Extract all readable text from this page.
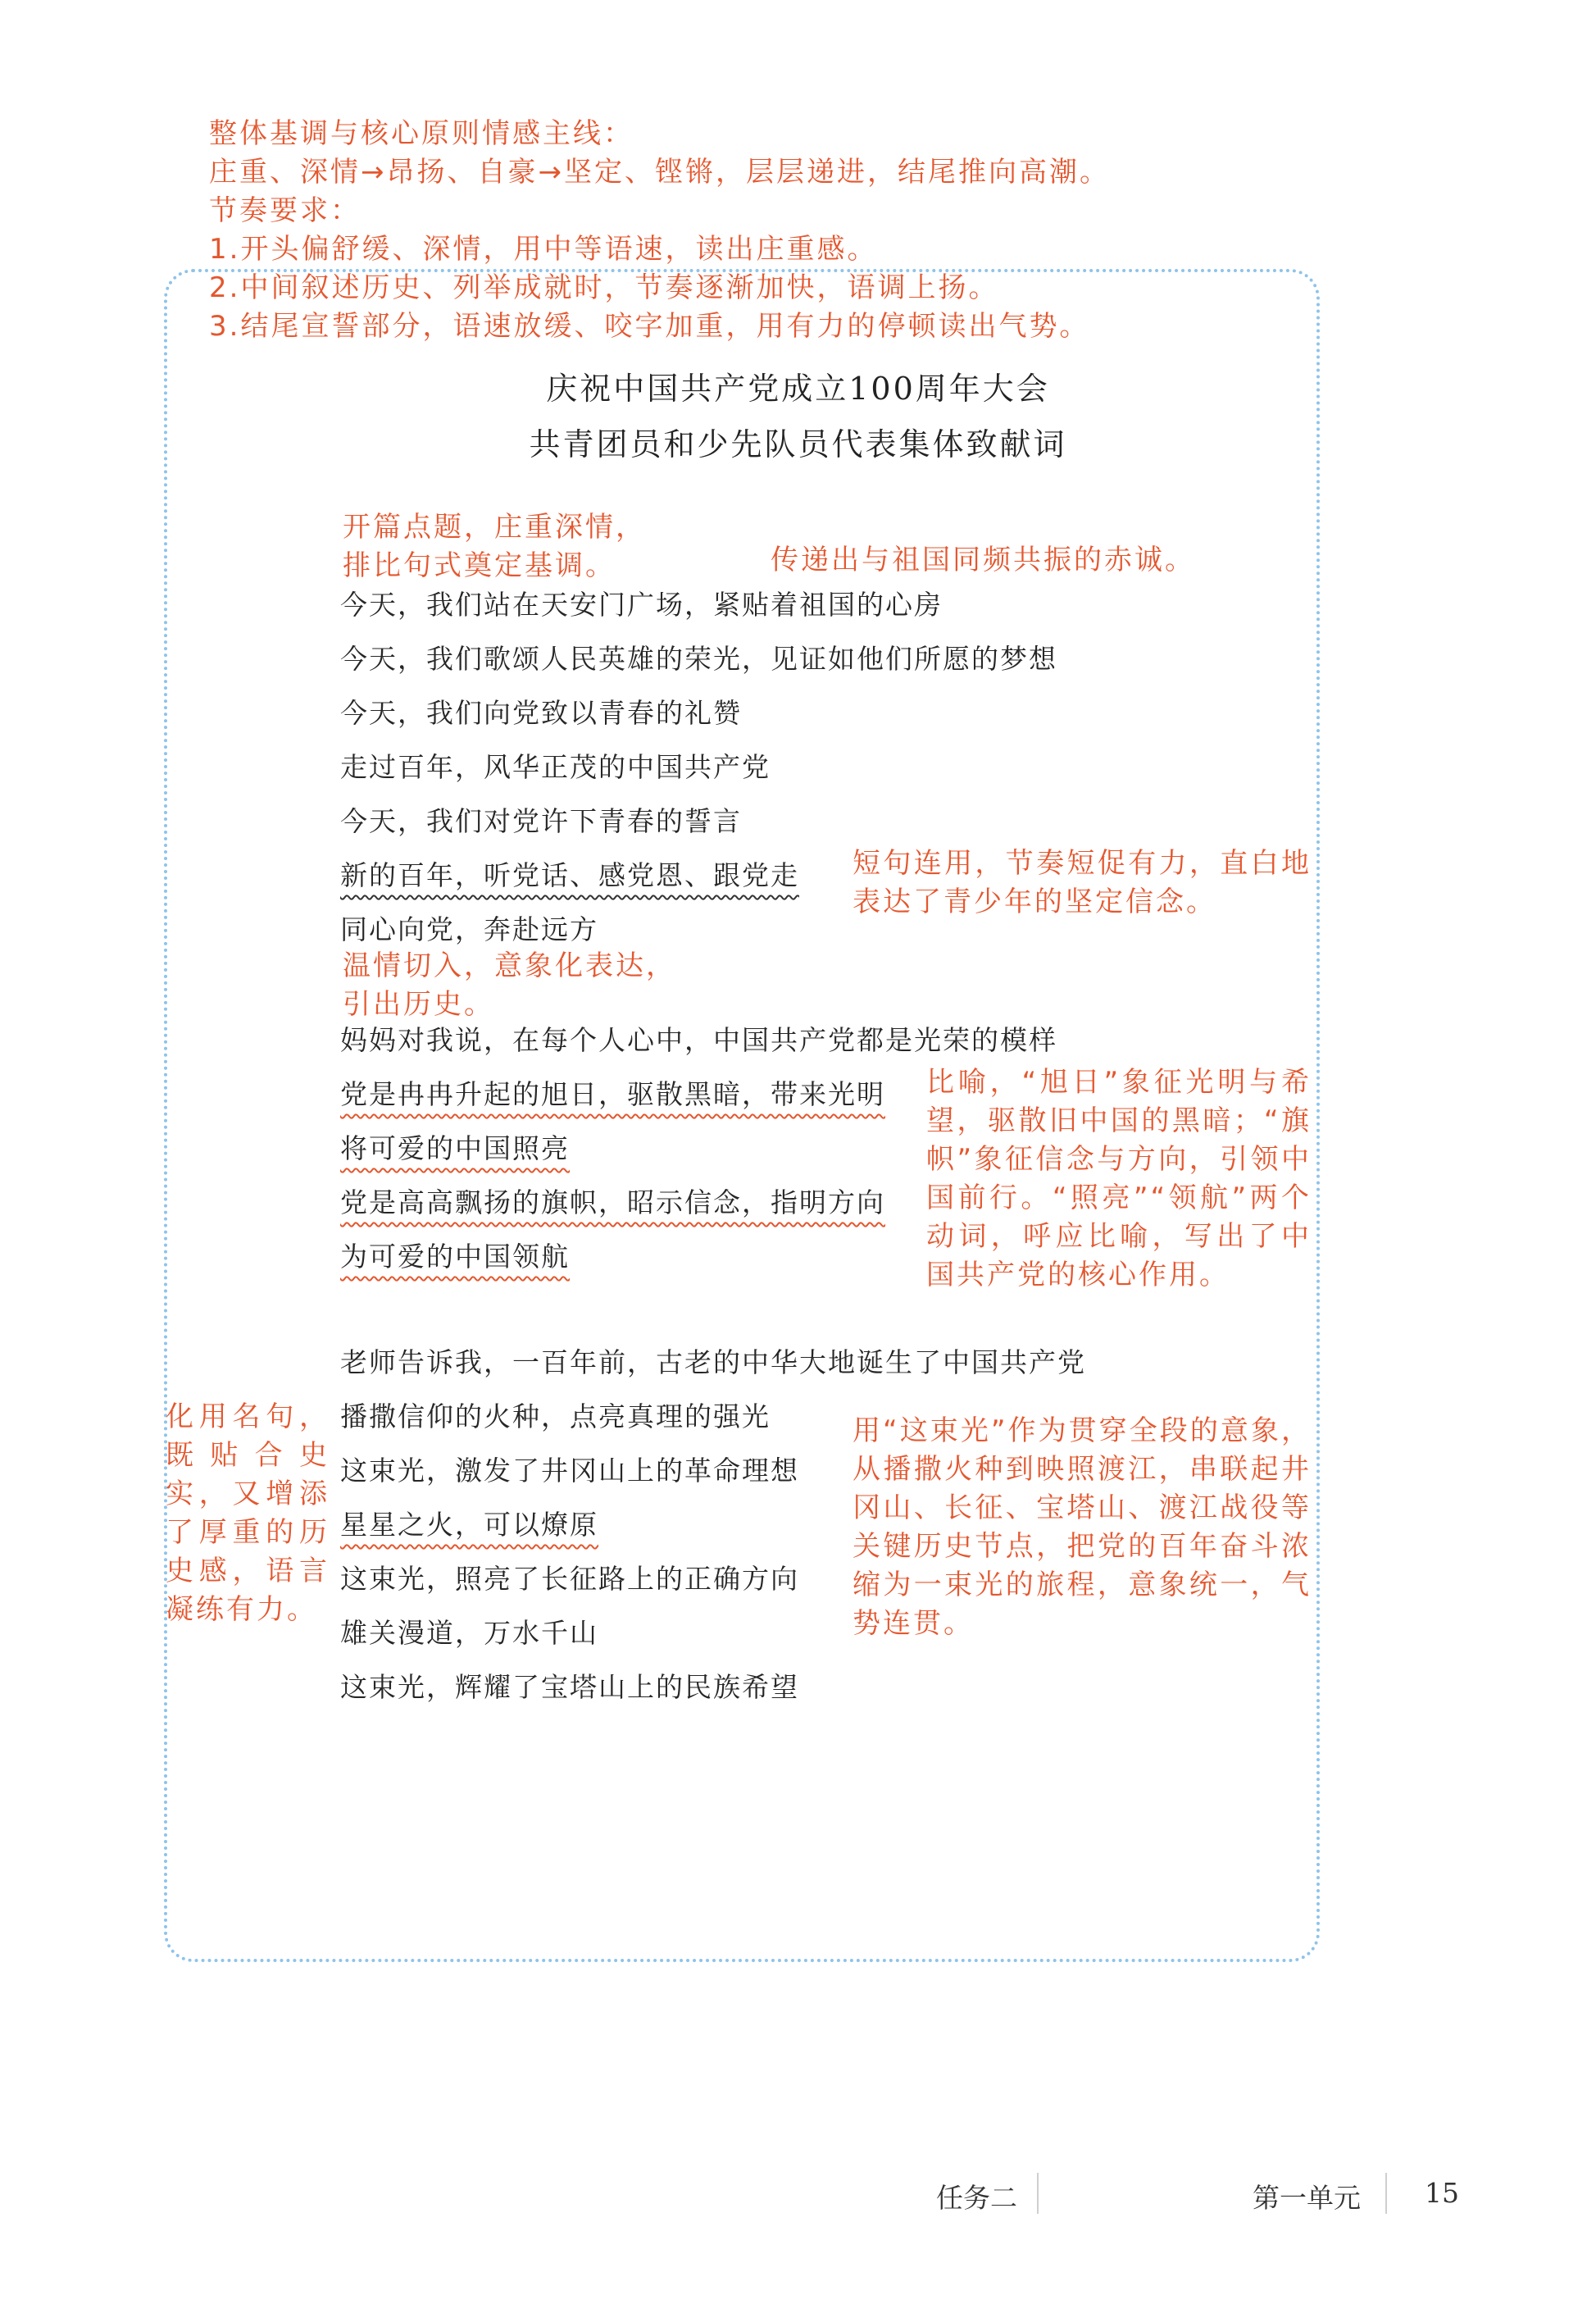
整体基调与核心原则情感主线：
庄重、深情→昂扬、自豪→坚定、铿锵，层层递进，结尾推向高潮。
节奏要求：
1.开头偏舒缓、深情，用中等语速，读出庄重感。
2.中间叙述历史、列举成就时，节奏逐渐加快，语调上扬。
3.结尾宣誓部分，语速放缓、咬字加重，用有力的停顿读出气势。
庆祝中国共产党成立100周年大会
共青团员和少先队员代表集体致献词
开篇点题，庄重深情，
排比句式奠定基调。	传递出与祖国同频共振的赤诚。
今天，我们站在天安门广场，紧贴着祖国的心房
今天，我们歌颂人民英雄的荣光，见证如他们所愿的梦想
今天，我们向党致以青春的礼赞
走过百年，风华正茂的中国共产党
今天，我们对党许下青春的誓言
新的百年，听党话、感党恩、跟党走
同心向党，奔赴远方
短句连用，节奏短促有力，直白地表达了青少年的坚定信念。
温情切入，意象化表达，
引出历史。
妈妈对我说，在每个人心中，中国共产党都是光荣的模样
党是冉冉升起的旭日，驱散黑暗，带来光明
将可爱的中国照亮
党是高高飘扬的旗帜，昭示信念，指明方向
为可爱的中国领航
比喻，“旭日”象征光明与希望，驱散旧中国的黑暗；“旗帜”象征信念与方向，引领中国前行。“照亮”“领航”两个动词，呼应比喻，写出了中国共产党的核心作用。
老师告诉我，一百年前，古老的中华大地诞生了中国共产党
播撒信仰的火种，点亮真理的强光
这束光，激发了井冈山上的革命理想
星星之火，可以燎原
这束光，照亮了长征路上的正确方向
雄关漫道，万水千山
这束光，辉耀了宝塔山上的民族希望
化用名句，既贴合史实，又增添了厚重的历史感，语言凝练有力。
用“这束光”作为贯穿全段的意象，从播撒火种到映照渡江，串联起井冈山、长征、宝塔山、渡江战役等关键历史节点，把党的百年奋斗浓缩为一束光的旅程，意象统一，气势连贯。
任务二	第一单元 15
